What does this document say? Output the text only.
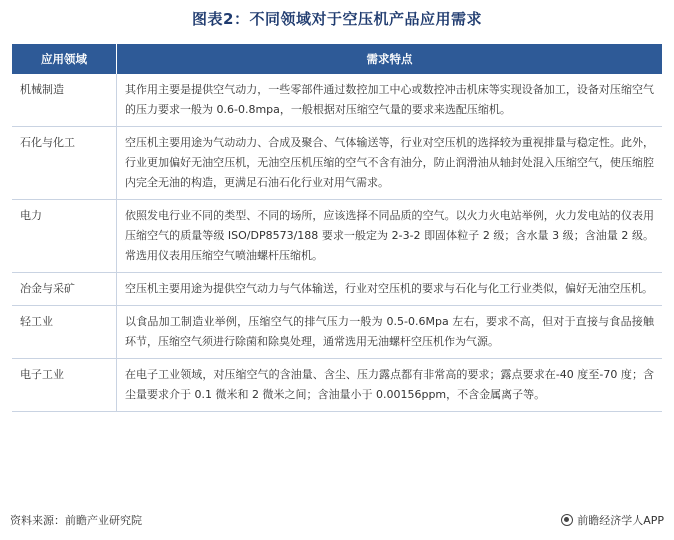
图表2：不同领域对于空压机产品应用需求
应用领域	需求特点
机械制造	其作用主要是提供空气动力，一些零部件通过数控加工中心或数控冲击机床等实现设备加工，设备对压缩空气的压力要求一般为 0.6-0.8mpa，一般根据对压缩空气量的要求来选配压缩机。
石化与化工	空压机主要用途为气动动力、合成及聚合、气体输送等，行业对空压机的选择较为重视排量与稳定性。此外，行业更加偏好无油空压机，无油空压机压缩的空气不含有油分，防止润滑油从轴封处混入压缩空气，使压缩腔内完全无油的构造，更满足石油石化行业对用气需求。
电力	依照发电行业不同的类型、不同的场所，应该选择不同品质的空气。以火力火电站举例，火力发电站的仪表用压缩空气的质量等级 ISO/DP8573/188 要求一般定为 2-3-2 即固体粒子 2 级；含水量 3 级；含油量 2 级。常选用仪表用压缩空气喷油螺杆压缩机。
冶金与采矿	空压机主要用途为提供空气动力与气体输送，行业对空压机的要求与石化与化工行业类似，偏好无油空压机。
轻工业	以食品加工制造业举例，压缩空气的排气压力一般为 0.5-0.6Mpa 左右，要求不高，但对于直接与食品接触环节，压缩空气须进行除菌和除臭处理，通常选用无油螺杆空压机作为气源。
电子工业	在电子工业领域，对压缩空气的含油量、含尘、压力露点都有非常高的要求；露点要求在-40 度至-70 度；含尘量要求介于 0.1 微米和 2 微米之间；含油量小于 0.00156ppm，不含金属离子等。
资料来源：前瞻产业研究院	前瞻经济学人APP
